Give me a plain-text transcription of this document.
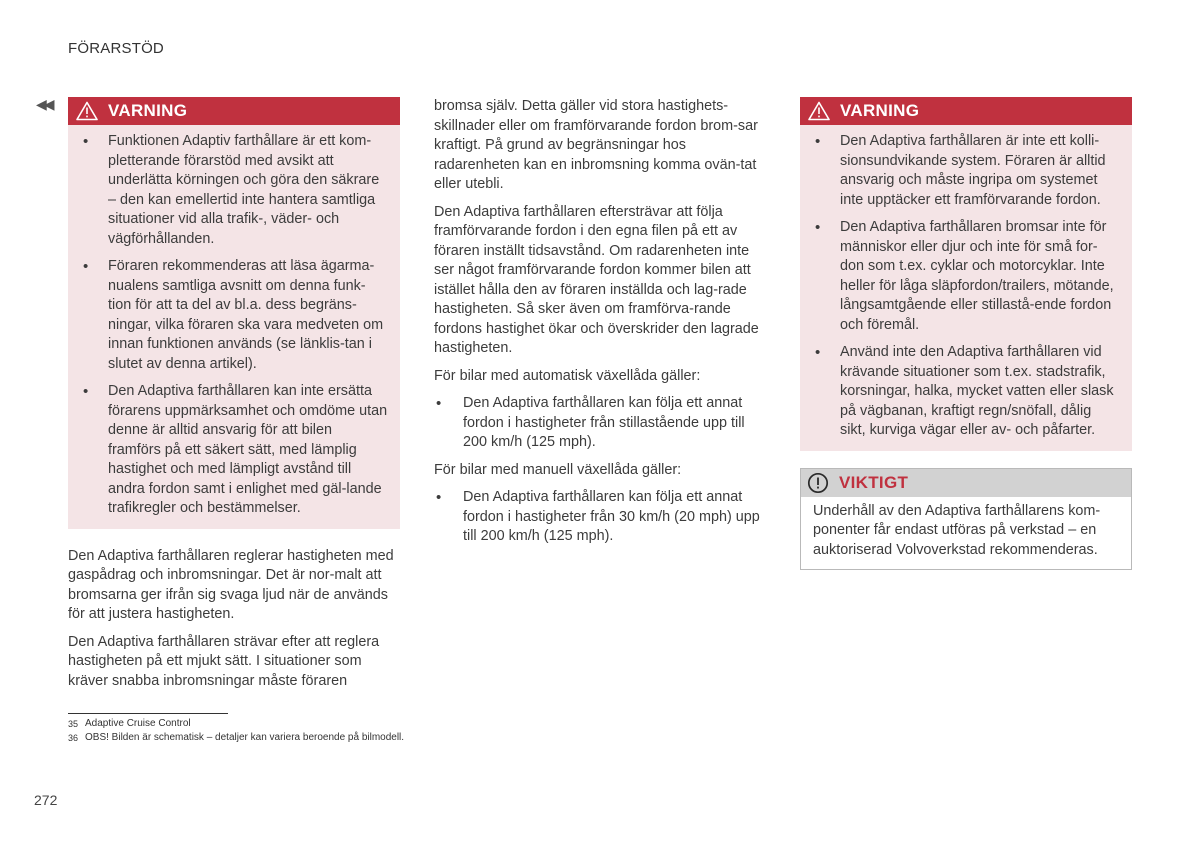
FÖRARSTÖD
◀◀	VARNING
• Funktionen Adaptiv farthållare är ett kom-pletterande förarstöd med avsikt att underlätta körningen och göra den säkrare – den kan emellertid inte hantera samtliga situationer vid alla trafik-, väder- och vägförhållanden.
• Föraren rekommenderas att läsa ägarma-nualens samtliga avsnitt om denna funk-tion för att ta del av bl.a. dess begräns-ningar, vilka föraren ska vara medveten om innan funktionen används (se länklis-tan i slutet av denna artikel).
• Den Adaptiva farthållaren kan inte ersätta förarens uppmärksamhet och omdöme utan denne är alltid ansvarig för att bilen framförs på ett säkert sätt, med lämplig hastighet och med lämpligt avstånd till andra fordon samt i enlighet med gäl-lande trafikregler och bestämmelser.

Den Adaptiva farthållaren reglerar hastigheten med gaspådrag och inbromsningar. Det är nor-malt att bromsarna ger ifrån sig svaga ljud när de används för att justera hastigheten.

Den Adaptiva farthållaren strävar efter att reglera hastigheten på ett mjukt sätt. I situationer som kräver snabba inbromsningar måste föraren

bromsa själv. Detta gäller vid stora hastighets-skillnader eller om framförvarande fordon brom-sar kraftigt. På grund av begränsningar hos radarenheten kan en inbromsning komma ovän-tat eller utebli.

Den Adaptiva farthållaren eftersträvar att följa framförvarande fordon i den egna filen på ett av föraren inställt tidsavstånd. Om radarenheten inte ser något framförvarande fordon kommer bilen att istället hålla den av föraren inställda och lag-rade hastigheten. Så sker även om framförva-rande fordons hastighet ökar och överskrider den lagrade hastigheten.

För bilar med automatisk växellåda gäller:

• Den Adaptiva farthållaren kan följa ett annat fordon i hastigheter från stillastående upp till 200 km/h (125 mph).

För bilar med manuell växellåda gäller:

• Den Adaptiva farthållaren kan följa ett annat fordon i hastigheter från 30 km/h (20 mph) upp till 200 km/h (125 mph).
VARNING
• Den Adaptiva farthållaren är inte ett kolli-sionsundvikande system. Föraren är alltid ansvarig och måste ingripa om systemet inte upptäcker ett framförvarande fordon.
• Den Adaptiva farthållaren bromsar inte för människor eller djur och inte för små for-don som t.ex. cyklar och motorcyklar. Inte heller för låga släpfordon/trailers, mötande, långsamtgående eller stillastå-ende fordon och föremål.
• Använd inte den Adaptiva farthållaren vid krävande situationer som t.ex. stadstrafik, korsningar, halka, mycket vatten eller slask på vägbanan, kraftigt regn/snöfall, dålig sikt, kurviga vägar eller av- och påfarter.
VIKTIGT
Underhåll av den Adaptiva farthållarens kom-ponenter får endast utföras på verkstad – en auktoriserad Volvoverkstad rekommenderas.
35 Adaptive Cruise Control
36 OBS! Bilden är schematisk – detaljer kan variera beroende på bilmodell.
272
